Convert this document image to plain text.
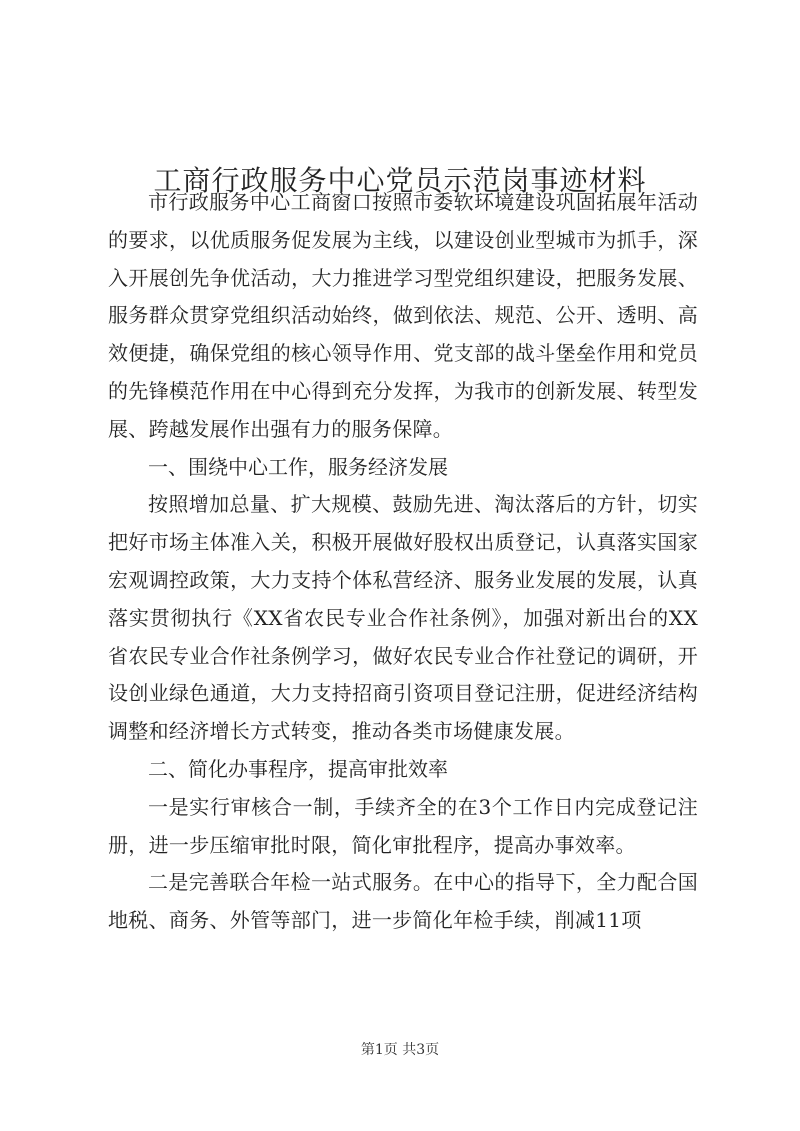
工商行政服务中心党员示范岗事迹材料

市行政服务中心工商窗口按照市委软环境建设巩固拓展年活动的要求，以优质服务促发展为主线，以建设创业型城市为抓手，深入开展创先争优活动，大力推进学习型党组织建设，把服务发展、服务群众贯穿党组织活动始终，做到依法、规范、公开、透明、高效便捷，确保党组的核心领导作用、党支部的战斗堡垒作用和党员的先锋模范作用在中心得到充分发挥，为我市的创新发展、转型发展、跨越发展作出强有力的服务保障。

一、围绕中心工作，服务经济发展

按照增加总量、扩大规模、鼓励先进、淘汰落后的方针，切实把好市场主体准入关，积极开展做好股权出质登记，认真落实国家宏观调控政策，大力支持个体私营经济、服务业发展的发展，认真落实贯彻执行《XX省农民专业合作社条例》，加强对新出台的XX省农民专业合作社条例学习，做好农民专业合作社登记的调研，开设创业绿色通道，大力支持招商引资项目登记注册，促进经济结构调整和经济增长方式转变，推动各类市场健康发展。

二、简化办事程序，提高审批效率

一是实行审核合一制，手续齐全的在3个工作日内完成登记注册，进一步压缩审批时限，简化审批程序，提高办事效率。

二是完善联合年检一站式服务。在中心的指导下，全力配合国地税、商务、外管等部门，进一步简化年检手续，削减11项

第1页 共3页
